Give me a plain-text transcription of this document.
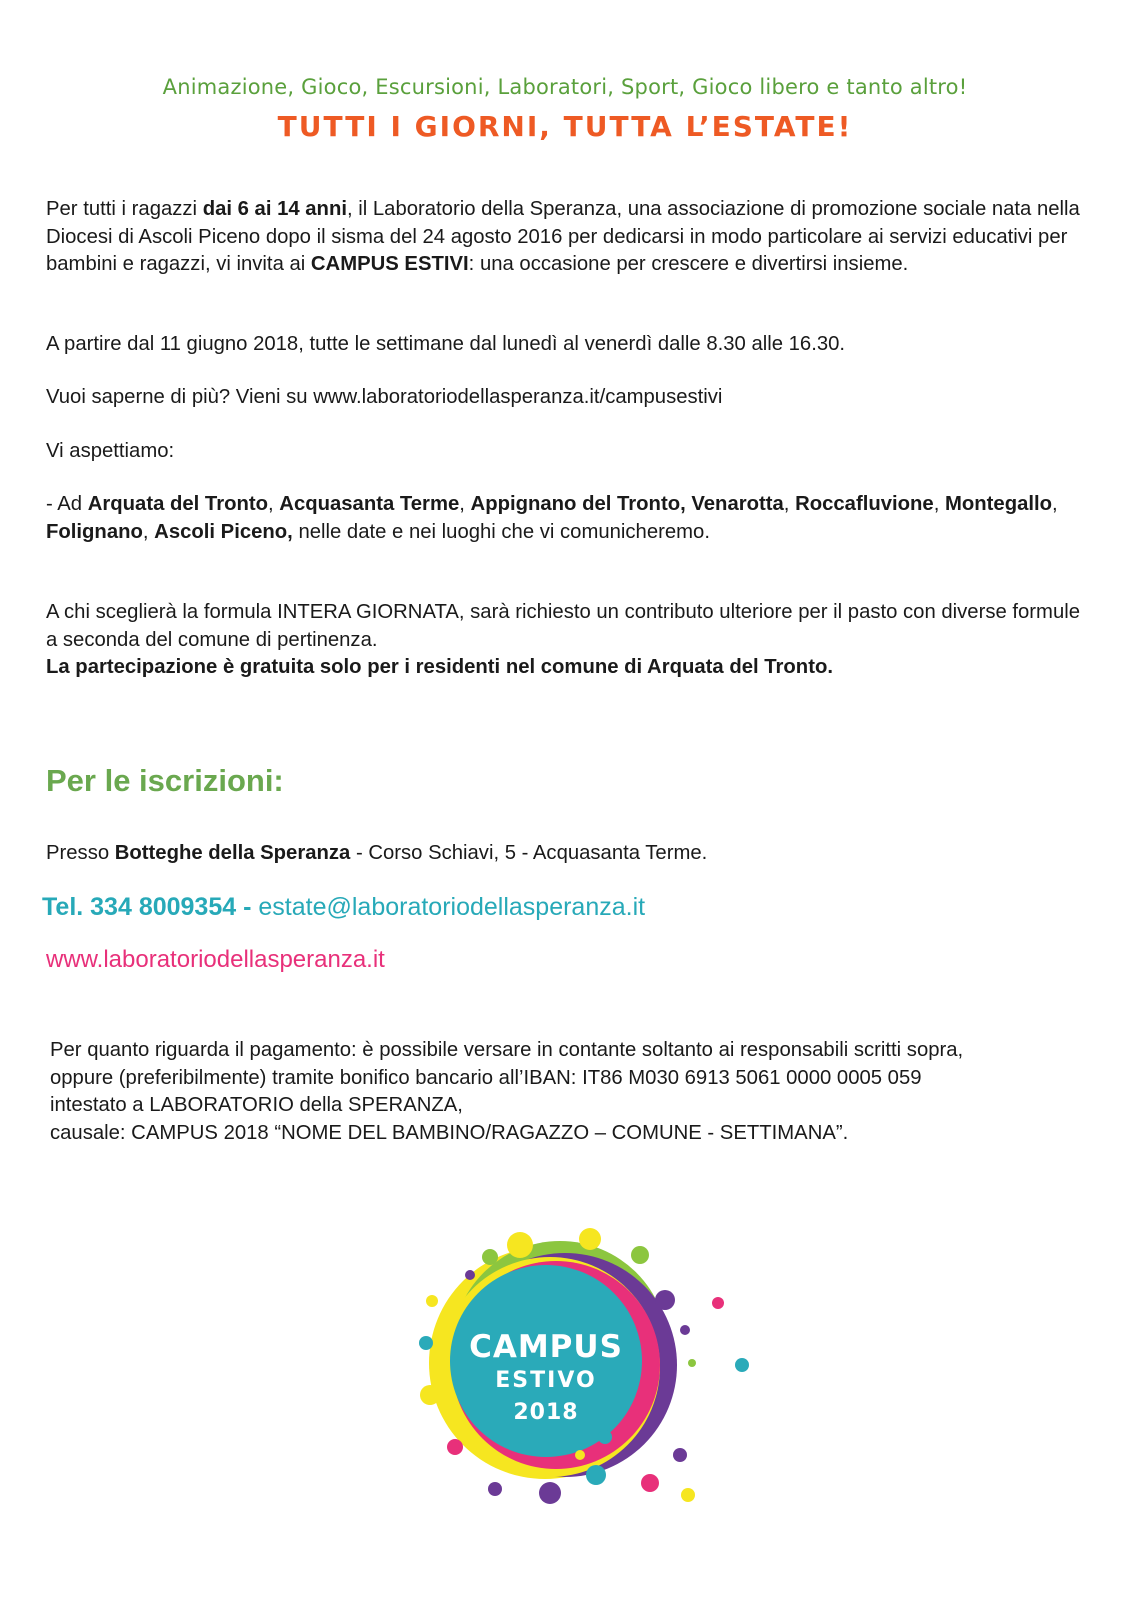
Animazione, Gioco, Escursioni, Laboratori, Sport, Gioco libero e tanto altro!
TUTTI I GIORNI, TUTTA L’ESTATE!
Per tutti i ragazzi dai 6 ai 14 anni, il Laboratorio della Speranza, una associazione di promozione sociale nata nella Diocesi di Ascoli Piceno dopo il sisma del 24 agosto 2016 per dedicarsi in modo particolare ai servizi educativi per bambini e ragazzi, vi invita ai CAMPUS ESTIVI: una occasione per crescere e divertirsi insieme.
A partire dal 11 giugno 2018, tutte le settimane dal lunedì al venerdì dalle 8.30 alle 16.30.
Vuoi saperne di più? Vieni su www.laboratoriodellasperanza.it/campusestivi
Vi aspettiamo:
- Ad Arquata del Tronto, Acquasanta Terme, Appignano del Tronto, Venarotta, Roccafluvione, Montegallo, Folignano, Ascoli Piceno, nelle date e nei luoghi che vi comunicheremo.
A chi sceglierà la formula INTERA GIORNATA, sarà richiesto un contributo ulteriore per il pasto con diverse formule a seconda del comune di pertinenza.
La partecipazione è gratuita solo per i residenti nel comune di Arquata del Tronto.
Per le iscrizioni:
Presso Botteghe della Speranza - Corso Schiavi, 5 - Acquasanta Terme.
Tel. 334 8009354 - estate@laboratoriodellasperanza.it
www.laboratoriodellasperanza.it
Per quanto riguarda il pagamento: è possibile versare in contante soltanto ai responsabili scritti sopra,
oppure (preferibilmente) tramite bonifico bancario all’IBAN: IT86 M030 6913 5061 0000 0005 059
intestato a LABORATORIO della SPERANZA,
causale: CAMPUS 2018 “NOME DEL BAMBINO/RAGAZZO – COMUNE - SETTIMANA”.
CAMPUS
ESTIVO
2018
